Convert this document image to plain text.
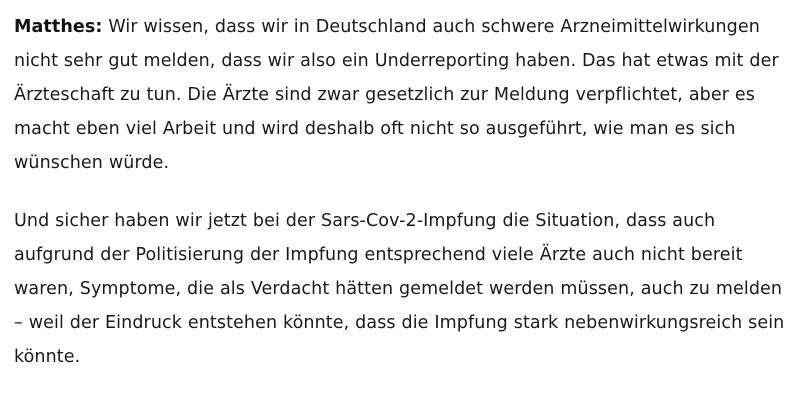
Matthes: Wir wissen, dass wir in Deutschland auch schwere Arzneimittelwirkungen nicht sehr gut melden, dass wir also ein Underreporting haben. Das hat etwas mit der Ärzteschaft zu tun. Die Ärzte sind zwar gesetzlich zur Meldung verpflichtet, aber es macht eben viel Arbeit und wird deshalb oft nicht so ausgeführt, wie man es sich wünschen würde.

Und sicher haben wir jetzt bei der Sars-Cov-2-Impfung die Situation, dass auch aufgrund der Politisierung der Impfung entsprechend viele Ärzte auch nicht bereit waren, Symptome, die als Verdacht hätten gemeldet werden müssen, auch zu melden – weil der Eindruck entstehen könnte, dass die Impfung stark nebenwirkungsreich sein könnte.
